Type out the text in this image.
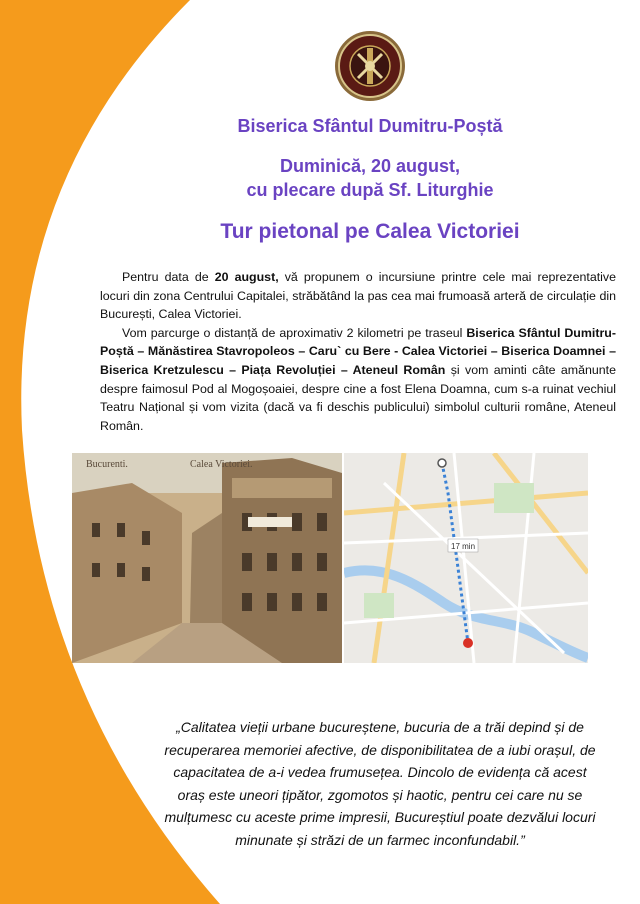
Biserica Sfântul Dumitru-Poștă
Duminică, 20 august,
cu plecare după Sf. Liturghie
Tur pietonal pe Calea Victoriei

Pentru data de 20 august, vă propunem o incursiune printre cele mai reprezentative locuri din zona Centrului Capitalei, străbătând la pas cea mai frumoasă arteră de circulație din București, Calea Victoriei.

Vom parcurge o distanță de aproximativ 2 kilometri pe traseul Biserica Sfântul Dumitru-Poștă – Mănăstirea Stavropoleos – Caru` cu Bere - Calea Victoriei – Biserica Doamnei – Biserica Kretzulescu – Piața Revoluției – Ateneul Român și vom aminti câte amănunte despre faimosul Pod al Mogoșoaiei, despre cine a fost Elena Doamna, cum s-a ruinat vechiul Teatru Național și vom vizita (dacă va fi deschis publicului) simbolul culturii române, Ateneul Român.

Bucurenti.	Calea Victoriei.
17 min
„Calitatea vieții urbane bucureștene, bucuria de a trăi depind și de recuperarea memoriei afective, de disponibilitatea de a iubi orașul, de capacitatea de a-i vedea frumusețea. Dincolo de evidența că acest oraș este uneori țipător, zgomotos și haotic, pentru cei care nu se mulțumesc cu aceste prime impresii, Bucureștiul poate dezvălui locuri minunate și străzi de un farmec inconfundabil.”
